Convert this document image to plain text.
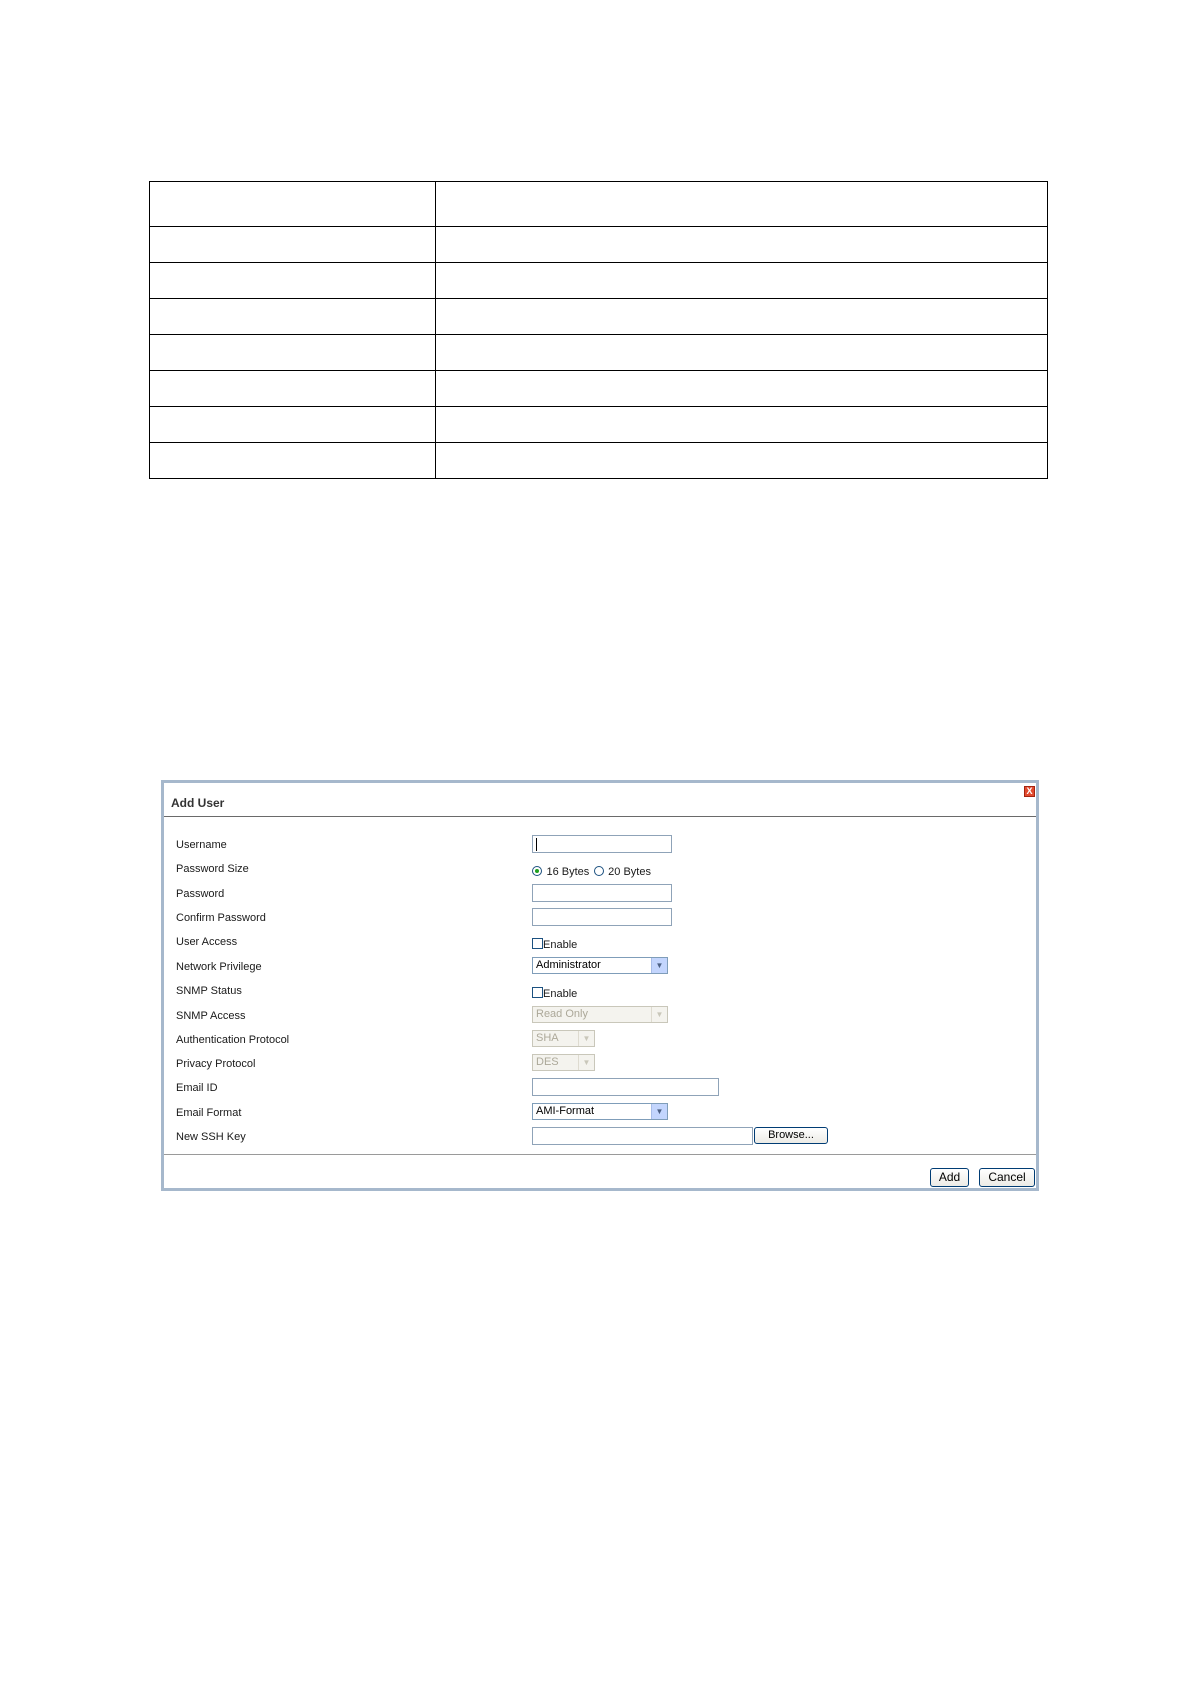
Add User
X
Username
Password Size	16 Bytes 20 Bytes
Password
Confirm Password
User Access	Enable
Network Privilege	Administrator	▼
SNMP Status	Enable
SNMP Access	Read Only	▼
Authentication Protocol	SHA	▼
Privacy Protocol	DES	▼
Email ID
Email Format	AMI-Format	▼
New SSH Key	Browse...
Add	Cancel
